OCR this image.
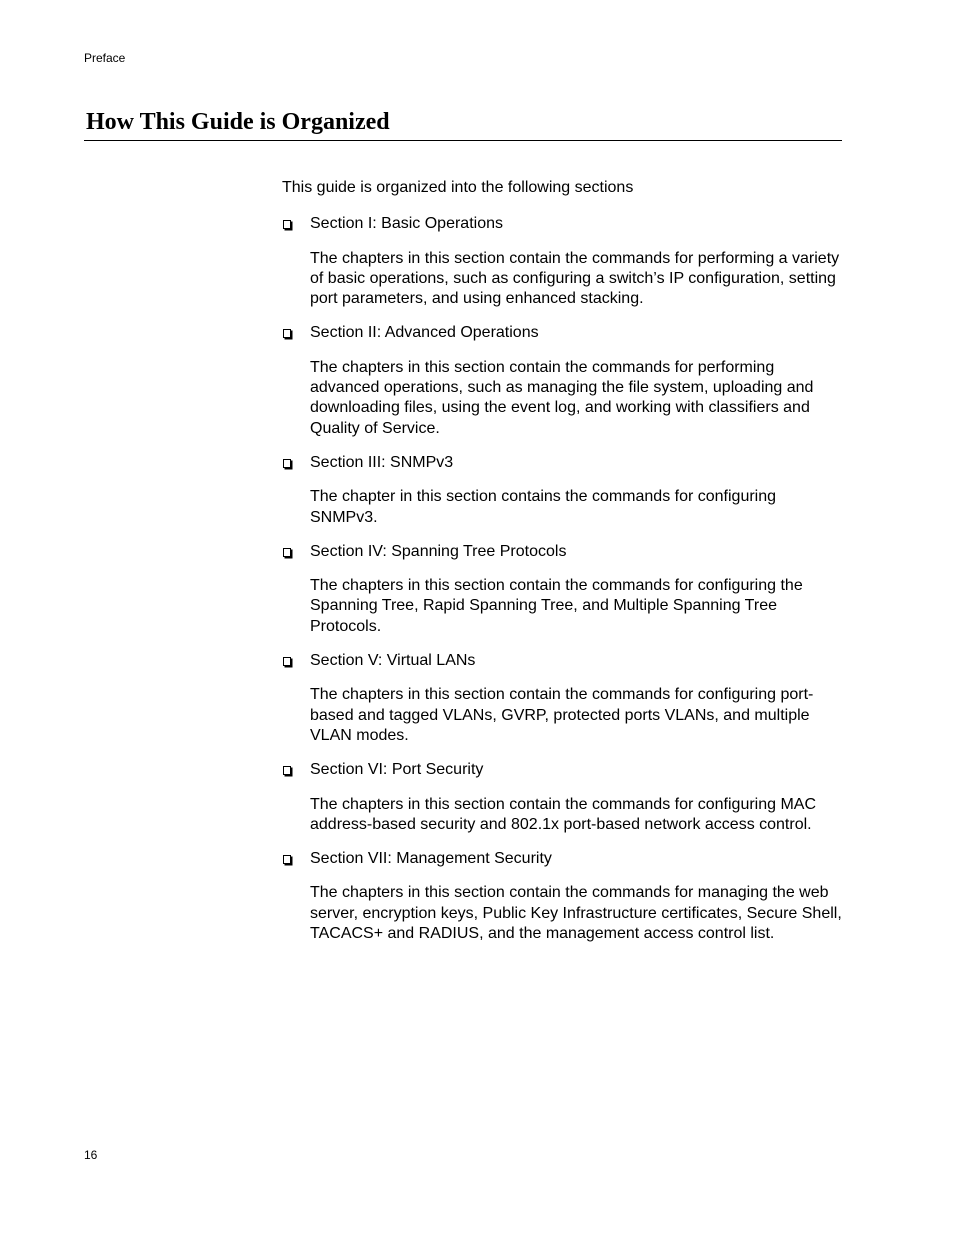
Preface
How This Guide is Organized

This guide is organized into the following sections

Section I: Basic Operations

The chapters in this section contain the commands for performing a variety of basic operations, such as configuring a switch’s IP configuration, setting port parameters, and using enhanced stacking.

Section II: Advanced Operations

The chapters in this section contain the commands for performing advanced operations, such as managing the file system, uploading and downloading files, using the event log, and working with classifiers and Quality of Service.

Section III: SNMPv3

The chapter in this section contains the commands for configuring SNMPv3.

Section IV: Spanning Tree Protocols

The chapters in this section contain the commands for configuring the Spanning Tree, Rapid Spanning Tree, and Multiple Spanning Tree Protocols.

Section V: Virtual LANs

The chapters in this section contain the commands for configuring port-based and tagged VLANs, GVRP, protected ports VLANs, and multiple VLAN modes.

Section VI: Port Security

The chapters in this section contain the commands for configuring MAC address-based security and 802.1x port-based network access control.

Section VII: Management Security

The chapters in this section contain the commands for managing the web server, encryption keys, Public Key Infrastructure certificates, Secure Shell, TACACS+ and RADIUS, and the management access control list.

16
